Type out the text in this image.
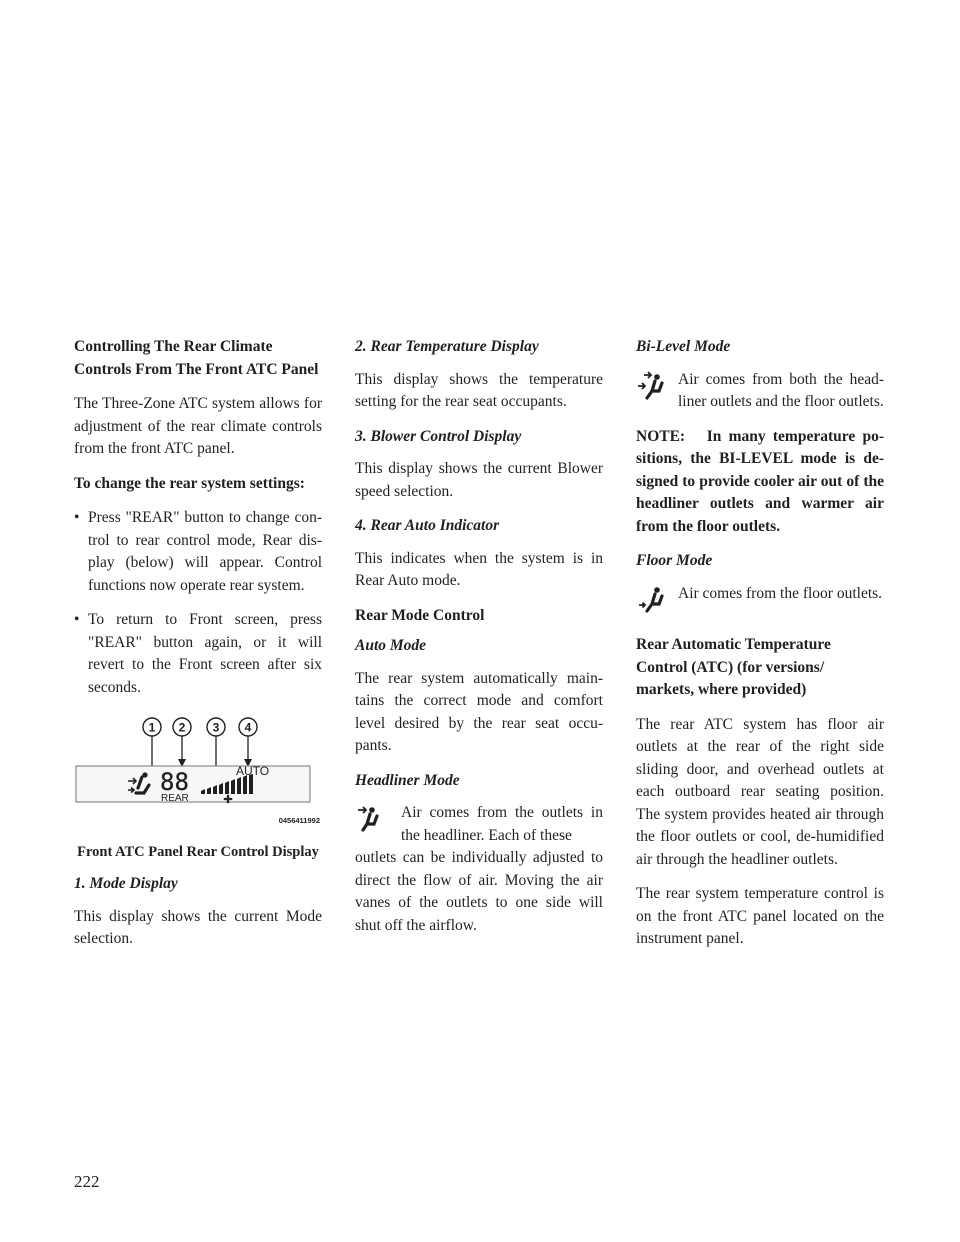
Controlling The Rear Climate Controls From The Front ATC Panel

The Three-Zone ATC system allows for adjustment of the rear climate controls from the front ATC panel.

To change the rear system settings:
• Press "REAR" button to change con-trol to rear control mode, Rear dis-play (below) will appear. Control functions now operate rear system.
• To return to Front screen, press "REAR" button again, or it will revert to the Front screen after six seconds.
1 2 3 4
88
REAR
AUTO
0456411992
Front ATC Panel Rear Control Display
1. Mode Display

This display shows the current Mode selection.

2. Rear Temperature Display

This display shows the temperature setting for the rear seat occupants.

3. Blower Control Display

This display shows the current Blower speed selection.

4. Rear Auto Indicator

This indicates when the system is in Rear Auto mode.

Rear Mode Control
Auto Mode

The rear system automatically main-tains the correct mode and comfort level desired by the rear seat occu-pants.

Headliner Mode
Air comes from the outlets in the headliner. Each of these

outlets can be individually adjusted to direct the flow of air. Moving the air vanes of the outlets to one side will shut off the airflow.

Bi-Level Mode
Air comes from both the head-liner outlets and the floor outlets.
NOTE:   In many temperature po-sitions, the BI-LEVEL mode is de-signed to provide cooler air out of the headliner outlets and warmer air from the floor outlets.
Floor Mode
Air comes from the floor outlets.
Rear Automatic Temperature Control (ATC) (for versions/ markets, where provided)

The rear ATC system has floor air outlets at the rear of the right side sliding door, and overhead outlets at each outboard rear seating position. The system provides heated air through the floor outlets or cool, de-humidified air through the headliner outlets.

The rear system temperature control is on the front ATC panel located on the instrument panel.

222
